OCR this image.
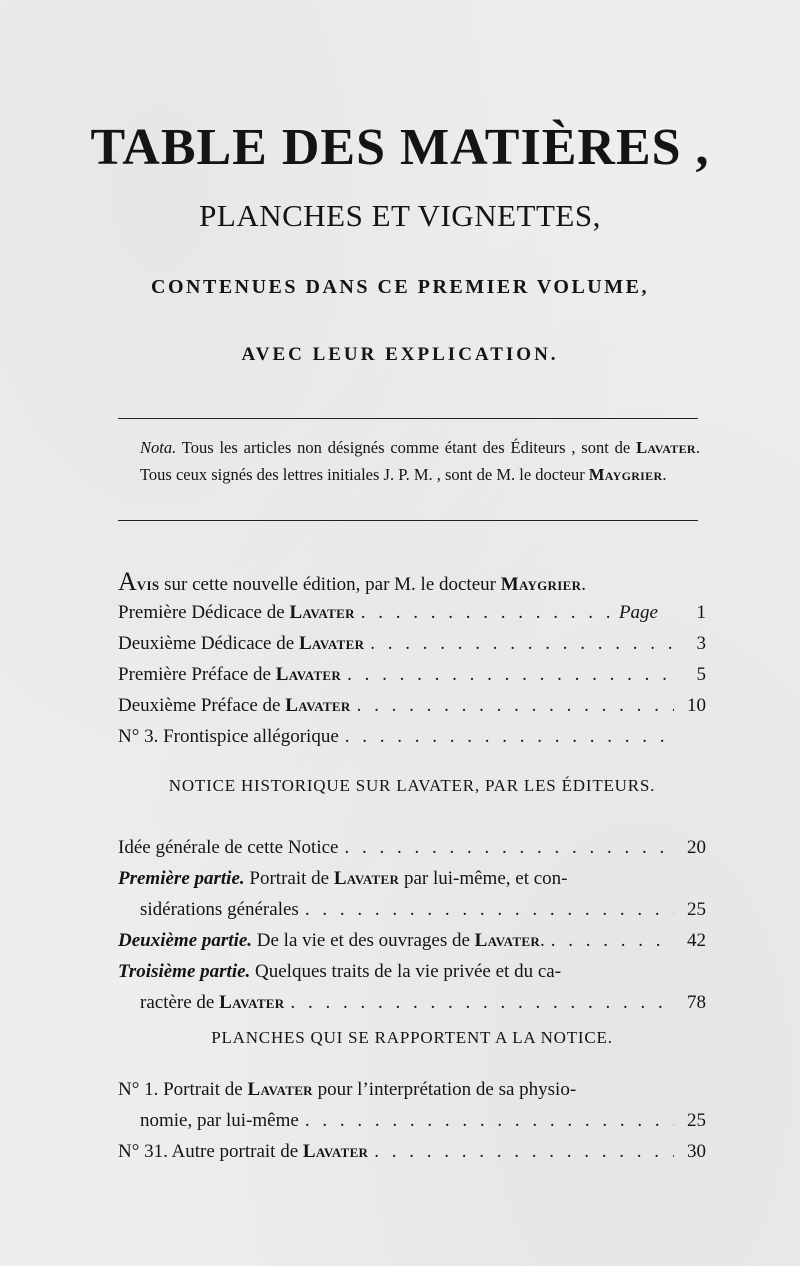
TABLE DES MATIÈRES ,
PLANCHES ET VIGNETTES,
CONTENUES DANS CE PREMIER VOLUME,
AVEC LEUR EXPLICATION.
Nota. Tous les articles non désignés comme étant des Éditeurs , sont de Lavater. Tous ceux signés des lettres initiales J. P. M. , sont de M. le docteur Maygrier.
Avis sur cette nouvelle édition, par M. le docteur Maygrier.
Première Dédicace de Lavater . . .	Page	1
Deuxième Dédicace de Lavater . . .	3
Première Préface de Lavater . . .	5
Deuxième Préface de Lavater . . .	10
N° 3. Frontispice allégorique
. . .
NOTICE HISTORIQUE SUR LAVATER, PAR LES ÉDITEURS.
Idée générale de cette Notice . . .	20
Première partie. Portrait de Lavater par lui-même, et con-
sidérations générales . . .	25
Deuxième partie. De la vie et des ouvrages de Lavater. . . .	42
Troisième partie. Quelques traits de la vie privée et du ca-
ractère de Lavater . . .	78
PLANCHES QUI SE RAPPORTENT A LA NOTICE.
N° 1. Portrait de Lavater pour l’interprétation de sa physio-
nomie, par lui-même . . .	25
N° 31. Autre portrait de Lavater . . .	30
